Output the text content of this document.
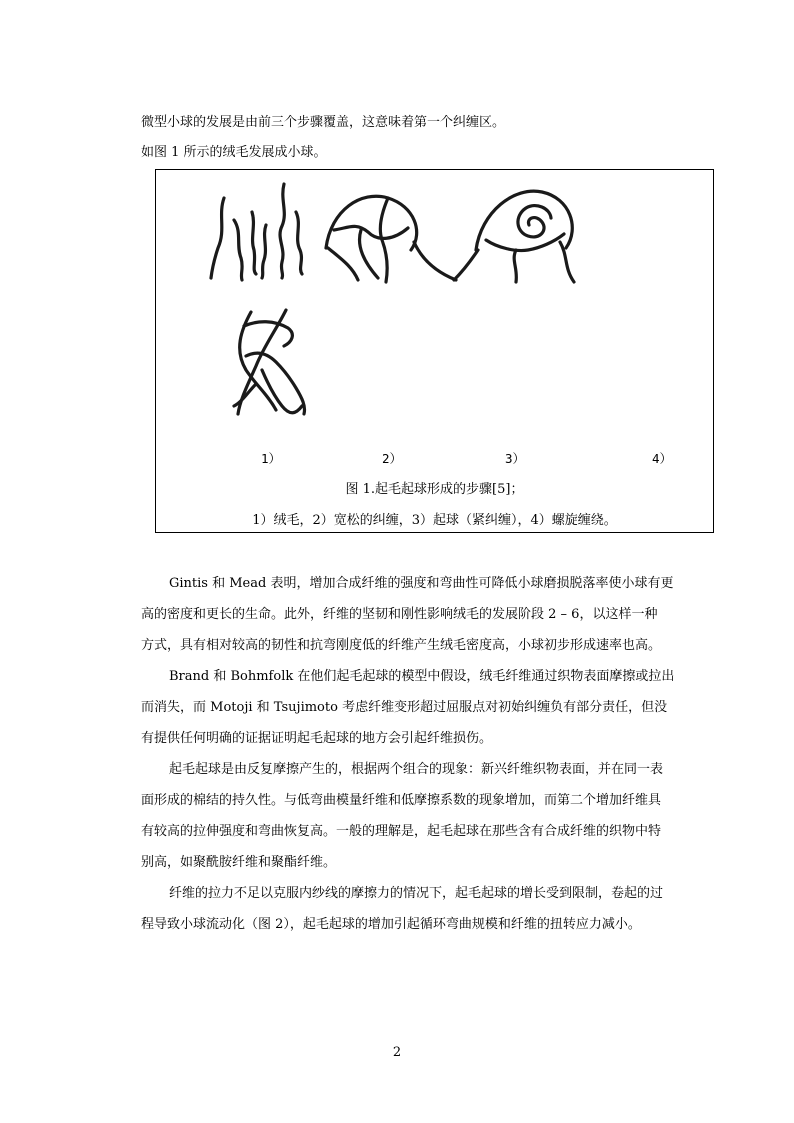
微型小球的发展是由前三个步骤覆盖，这意味着第一个纠缠区。
如图 1 所示的绒毛发展成小球。
1）	2）	3）	4）
图 1.起毛起球形成的步骤[5]；
1）绒毛，2）宽松的纠缠，3）起球（紧纠缠），4）螺旋缠绕。
Gintis 和 Mead 表明，增加合成纤维的强度和弯曲性可降低小球磨损脱落率使小球有更
高的密度和更长的生命。此外，纤维的坚韧和刚性影响绒毛的发展阶段 2 – 6，以这样一种
方式，具有相对较高的韧性和抗弯刚度低的纤维产生绒毛密度高，小球初步形成速率也高。
Brand 和 Bohmfolk 在他们起毛起球的模型中假设，绒毛纤维通过织物表面摩擦或拉出
而消失，而 Motoji 和 Tsujimoto 考虑纤维变形超过屈服点对初始纠缠负有部分责任，但没
有提供任何明确的证据证明起毛起球的地方会引起纤维损伤。
起毛起球是由反复摩擦产生的，根据两个组合的现象：新兴纤维织物表面，并在同一表
面形成的棉结的持久性。与低弯曲模量纤维和低摩擦系数的现象增加，而第二个增加纤维具
有较高的拉伸强度和弯曲恢复高。一般的理解是，起毛起球在那些含有合成纤维的织物中特
别高，如聚酰胺纤维和聚酯纤维。
纤维的拉力不足以克服内纱线的摩擦力的情况下，起毛起球的增长受到限制，卷起的过
程导致小球流动化（图 2），起毛起球的增加引起循环弯曲规模和纤维的扭转应力减小。
2
